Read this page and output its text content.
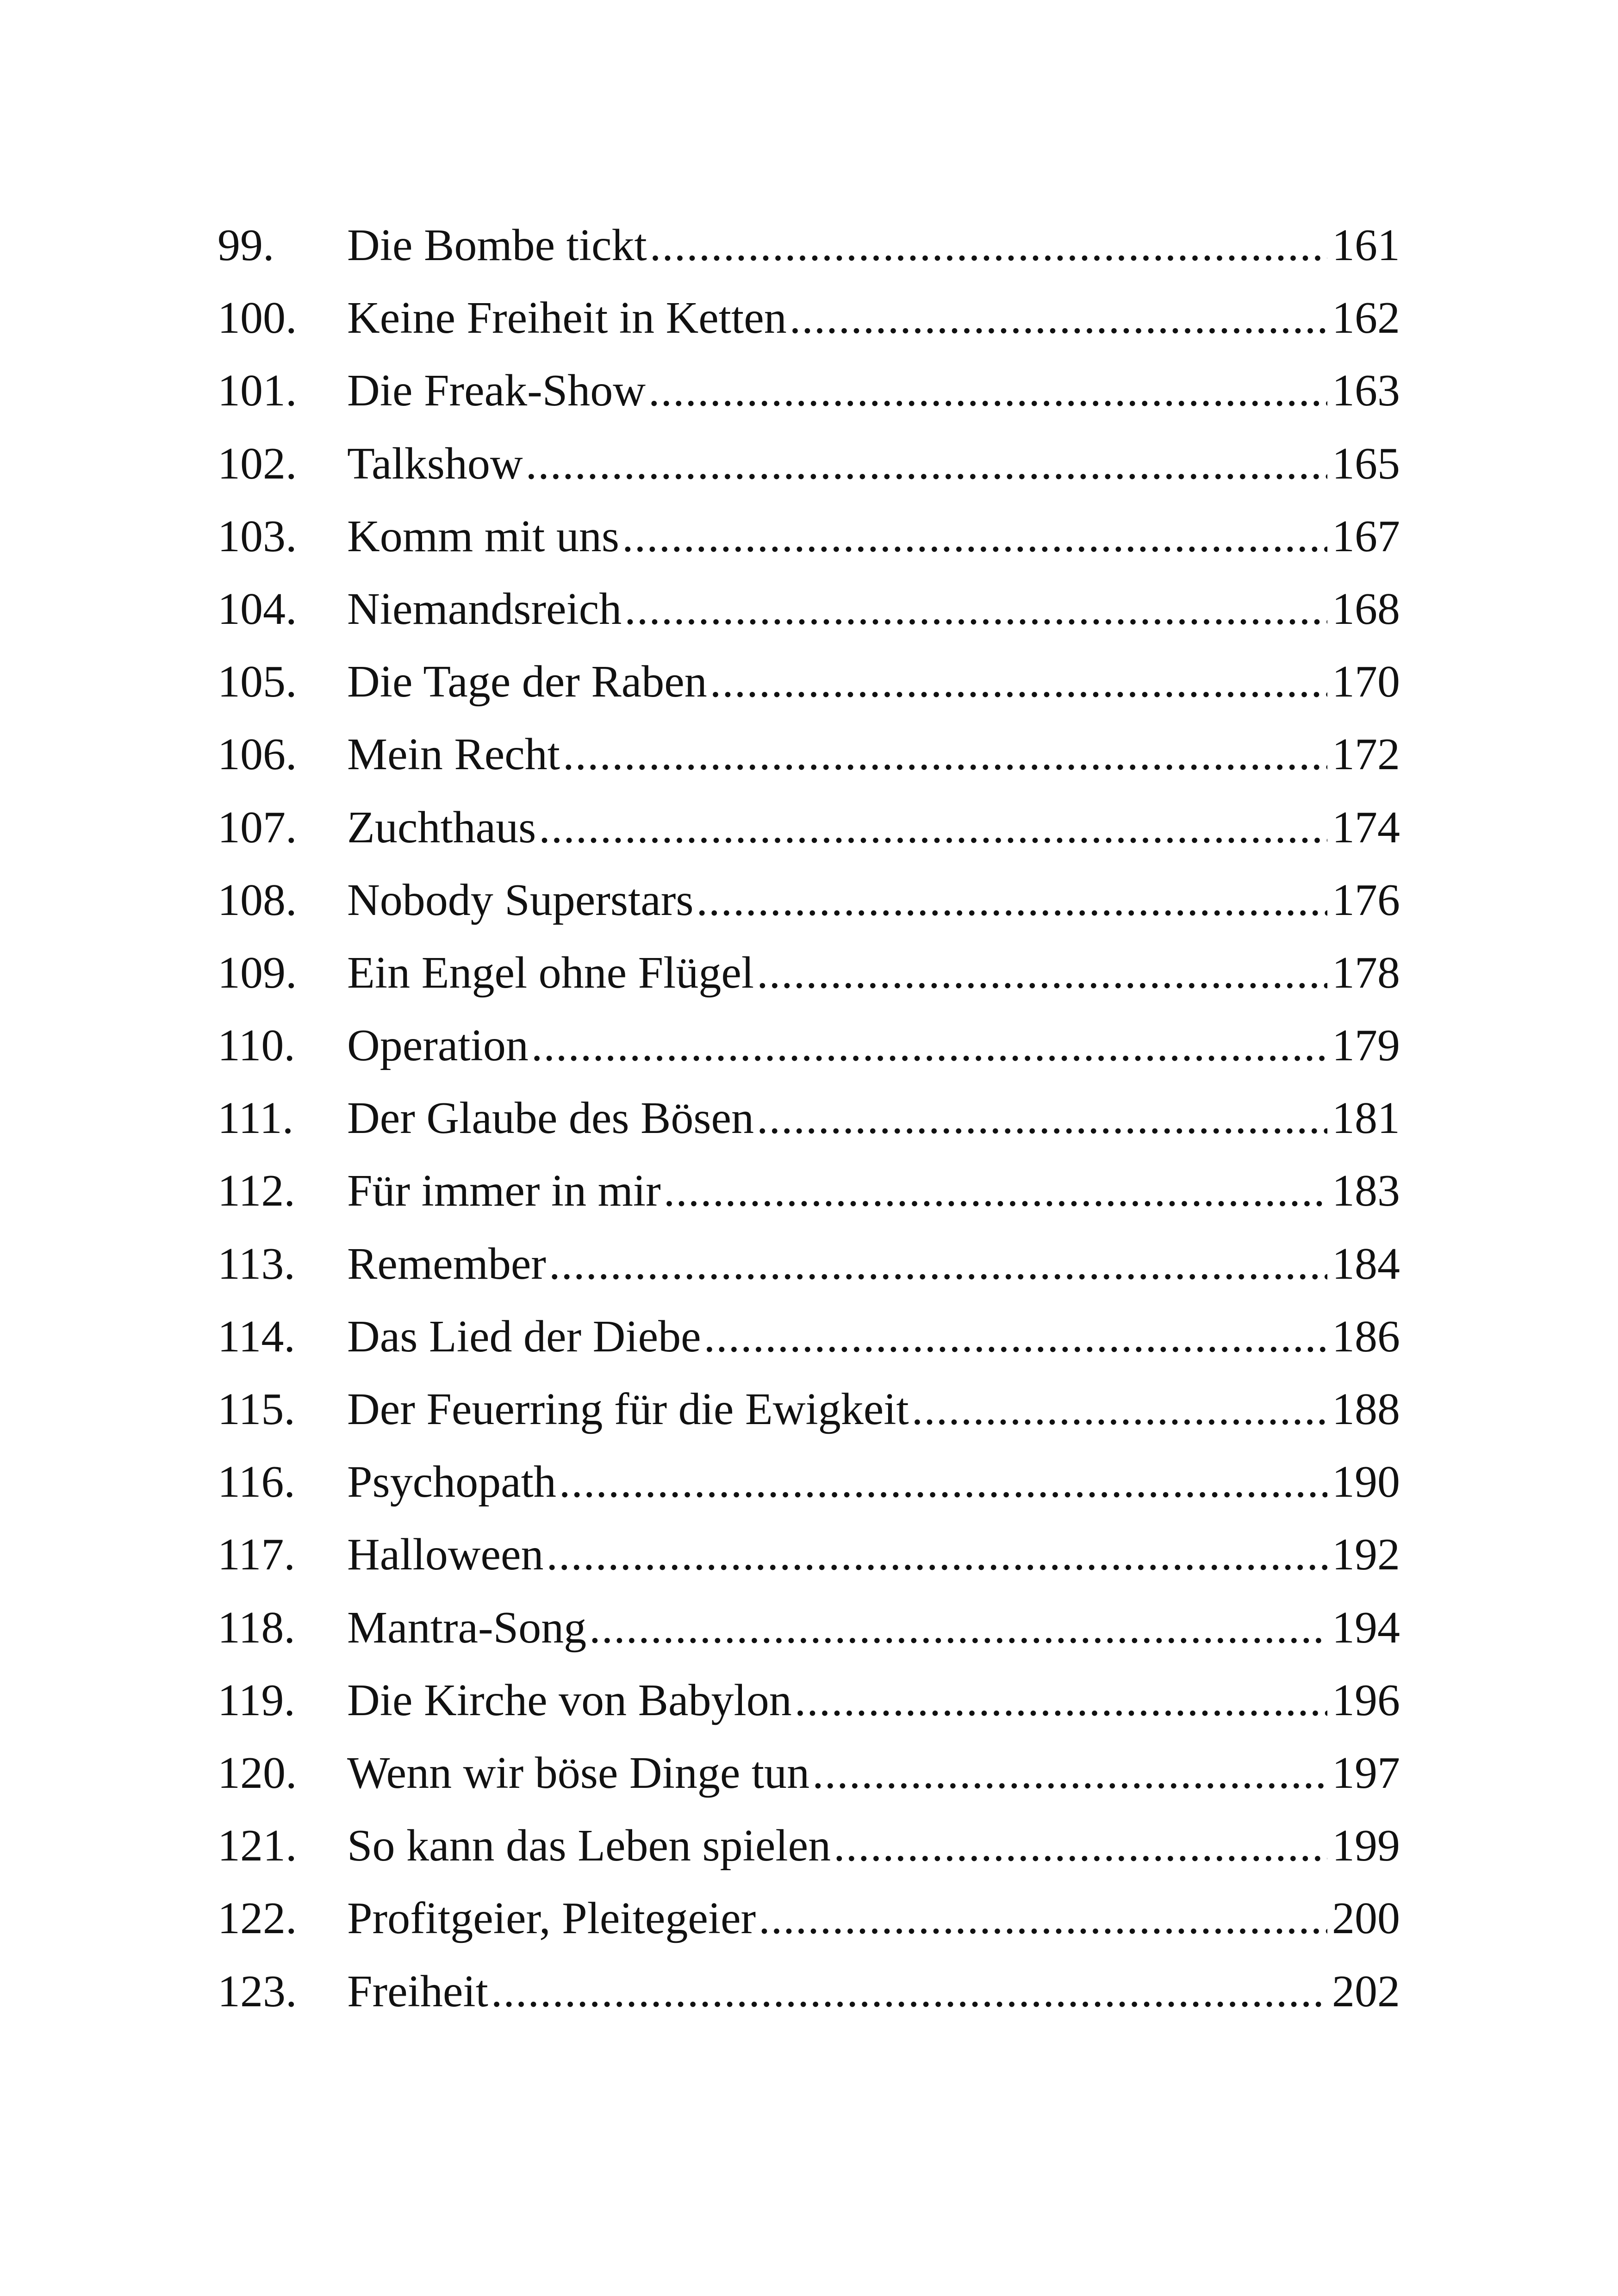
99.	Die Bombe tickt .....	161
100.	Keine Freiheit in Ketten .....	162
101.	Die Freak-Show .....	163
102.	Talkshow .....	165
103.	Komm mit uns .....	167
104.	Niemandsreich .....	168
105.	Die Tage der Raben .....	170
106.	Mein Recht .....	172
107.	Zuchthaus .....	174
108.	Nobody Superstars .....	176
109.	Ein Engel ohne Flügel .....	178
110.	Operation .....	179
111.	Der Glaube des Bösen .....	181
112.	Für immer in mir .....	183
113.	Remember .....	184
114.	Das Lied der Diebe .....	186
115.	Der Feuerring für die Ewigkeit .....	188
116.	Psychopath .....	190
117.	Halloween .....	192
118.	Mantra-Song .....	194
119.	Die Kirche von Babylon .....	196
120.	Wenn wir böse Dinge tun .....	197
121.	So kann das Leben spielen .....	199
122.	Profitgeier, Pleitegeier .....	200
123.	Freiheit .....	202
